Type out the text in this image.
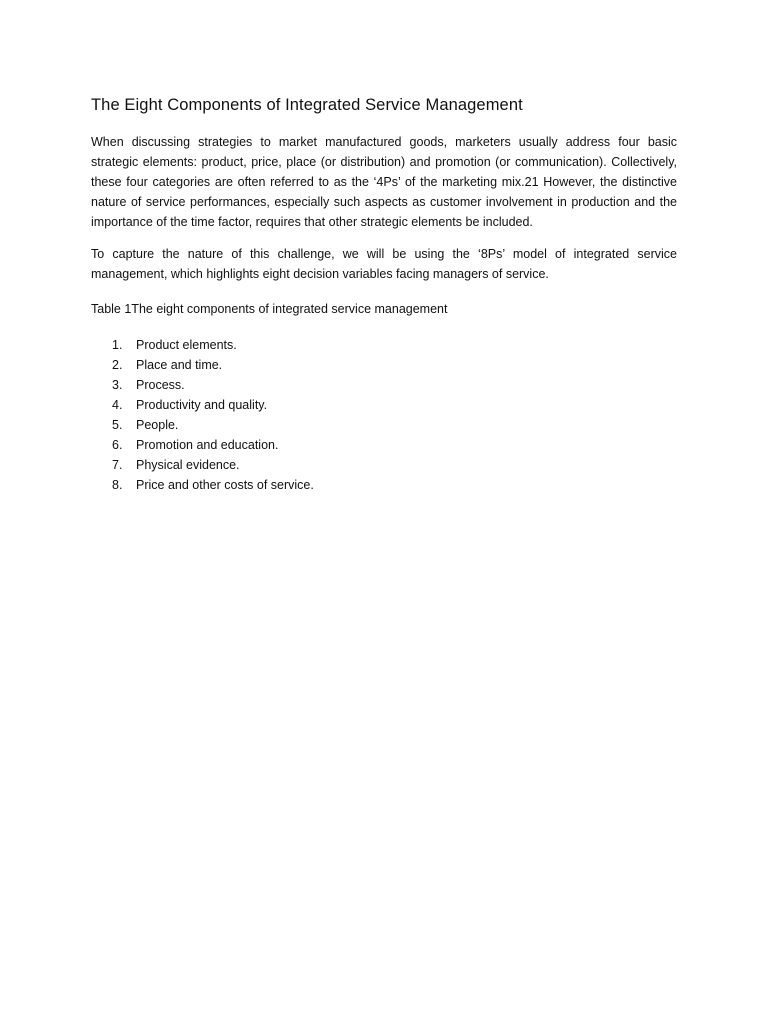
The Eight Components of Integrated Service Management

When discussing strategies to market manufactured goods, marketers usually address four basic strategic elements: product, price, place (or distribution) and promotion (or communication). Collectively, these four categories are often referred to as the ‘4Ps’ of the marketing mix.21 However, the distinctive nature of service performances, especially such aspects as customer involvement in production and the importance of the time factor, requires that other strategic elements be included.

To capture the nature of this challenge, we will be using the ‘8Ps’ model of integrated service management, which highlights eight decision variables facing managers of service.

Table 1The eight components of integrated service management
1. Product elements.
2. Place and time.
3. Process.
4. Productivity and quality.
5. People.
6. Promotion and education.
7. Physical evidence.
8. Price and other costs of service.
